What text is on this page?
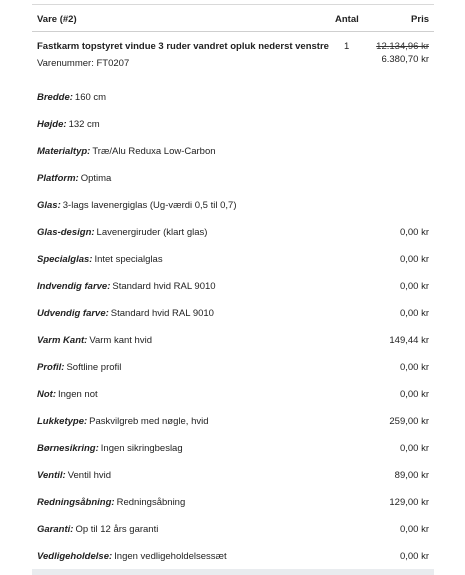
Vare (#2)	Antal	Pris
Fastkarm topstyret vindue 3 ruder vandret opluk nederst venstre 1	12.134,96 kr
6.380,70 kr
Varenummer: FT0207
Bredde: 160 cm
Højde: 132 cm
Materialtyp: Træ/Alu Reduxa Low-Carbon
Platform: Optima
Glas: 3-lags lavenergiglas (Ug-værdi 0,5 til 0,7)
Glas-design: Lavenergiruder (klart glas)	0,00 kr
Specialglas: Intet specialglas	0,00 kr
Indvendig farve: Standard hvid RAL 9010	0,00 kr
Udvendig farve: Standard hvid RAL 9010	0,00 kr
Varm Kant: Varm kant hvid	149,44 kr
Profil: Softline profil	0,00 kr
Not: Ingen not	0,00 kr
Lukketype: Paskvilgreb med nøgle, hvid	259,00 kr
Børnesikring: Ingen sikringbeslag	0,00 kr
Ventil: Ventil hvid	89,00 kr
Redningsåbning: Redningsåbning	129,00 kr
Garanti: Op til 12 års garanti	0,00 kr
Vedligeholdelse: Ingen vedligeholdelsessæt	0,00 kr
